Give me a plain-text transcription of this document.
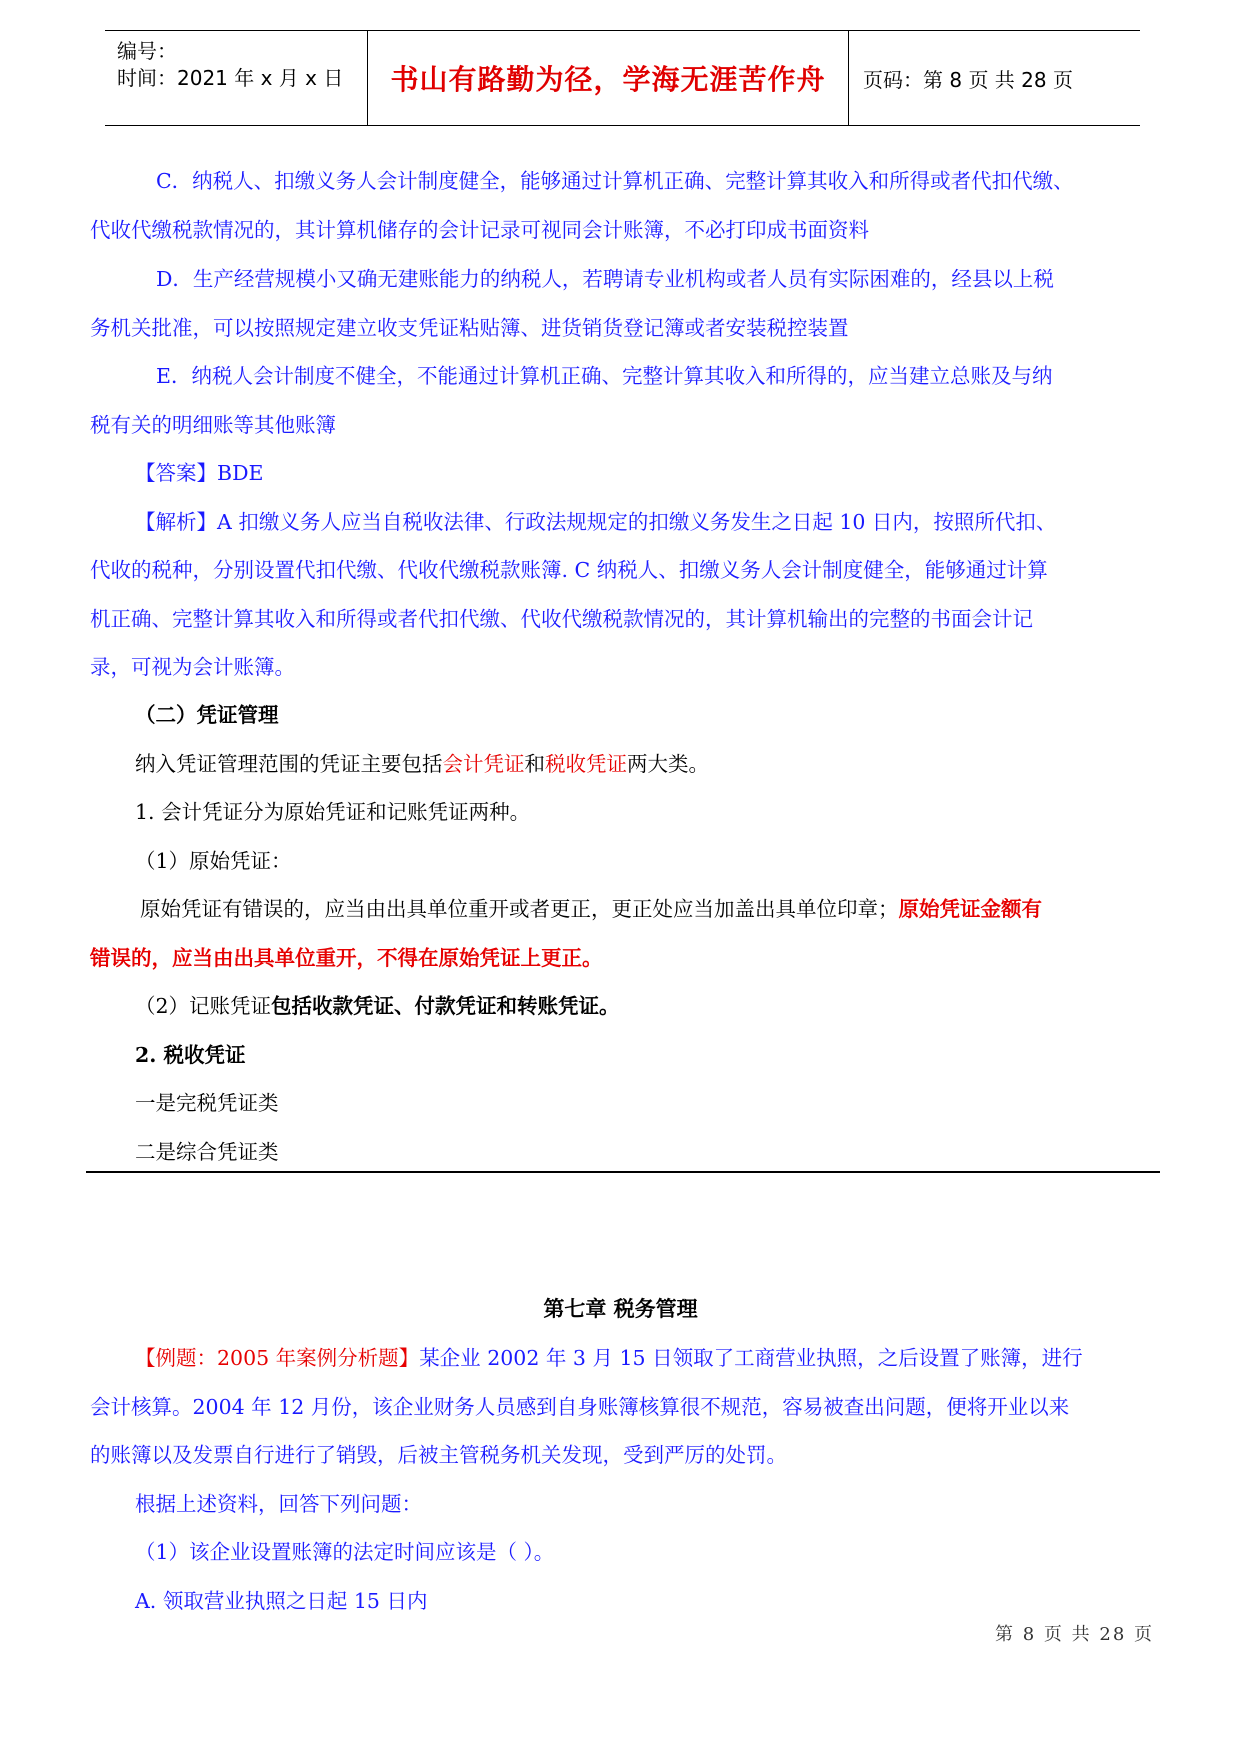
编号：
时间：2021 年 x 月 x 日 书山有路勤为径，学海无涯苦作舟 页码：第 8 页 共 28 页
C．纳税人、扣缴义务人会计制度健全，能够通过计算机正确、完整计算其收入和所得或者代扣代缴、
代收代缴税款情况的，其计算机储存的会计记录可视同会计账簿，不必打印成书面资料
D．生产经营规模小又确无建账能力的纳税人，若聘请专业机构或者人员有实际困难的，经县以上税
务机关批准，可以按照规定建立收支凭证粘贴簿、进货销货登记簿或者安装税控装置
E．纳税人会计制度不健全，不能通过计算机正确、完整计算其收入和所得的，应当建立总账及与纳
税有关的明细账等其他账簿
【答案】BDE
【解析】A 扣缴义务人应当自税收法律、行政法规规定的扣缴义务发生之日起 10 日内，按照所代扣、
代收的税种，分别设置代扣代缴、代收代缴税款账簿. C 纳税人、扣缴义务人会计制度健全，能够通过计算
机正确、完整计算其收入和所得或者代扣代缴、代收代缴税款情况的，其计算机输出的完整的书面会计记
录，可视为会计账簿。
（二）凭证管理
纳入凭证管理范围的凭证主要包括会计凭证和税收凭证两大类。
1. 会计凭证分为原始凭证和记账凭证两种。
（1）原始凭证：
原始凭证有错误的，应当由出具单位重开或者更正，更正处应当加盖出具单位印章；原始凭证金额有
错误的，应当由出具单位重开，不得在原始凭证上更正。
（2）记账凭证包括收款凭证、付款凭证和转账凭证。
2. 税收凭证
一是完税凭证类
二是综合凭证类
第七章 税务管理
【例题：2005 年案例分析题】某企业 2002 年 3 月 15 日领取了工商营业执照，之后设置了账簿，进行
会计核算。2004 年 12 月份，该企业财务人员感到自身账簿核算很不规范，容易被查出问题，便将开业以来
的账簿以及发票自行进行了销毁，后被主管税务机关发现，受到严厉的处罚。
根据上述资料，回答下列问题：
（1）该企业设置账簿的法定时间应该是（ ）。
A. 领取营业执照之日起 15 日内
第 8 页 共 28 页
